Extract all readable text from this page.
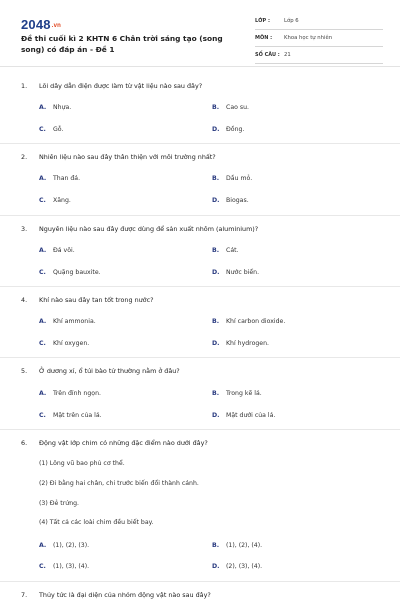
2048.vn
Đề thi cuối kì 2 KHTN 6 Chân trời sáng tạo (song song) có đáp án - Đề 1
LỚP :	Lớp 6
MÔN :	Khoa học tự nhiên
SỐ CÂU : 21
1.	Lõi dây dẫn điện được làm từ vật liệu nào sau đây?
A.	Nhựa.	B.	Cao su.
C.	Gỗ.	D.	Đồng.
2.	Nhiên liệu nào sau đây thân thiện với môi trường nhất?
A.	Than đá.	B.	Dầu mỏ.
C.	Xăng.	D.	Biogas.
3.	Nguyên liệu nào sau đây được dùng để sản xuất nhôm (aluminium)?
A.	Đá vôi.	B.	Cát.
C.	Quặng bauxite.	D.	Nước biển.
4.	Khí nào sau đây tan tốt trong nước?
A.	Khí ammonia.	B.	Khí carbon dioxide.
C.	Khí oxygen.	D.	Khí hydrogen.
5.	Ở dương xỉ, ổ túi bào tử thường nằm ở đâu?
A.	Trên đỉnh ngọn.	B.	Trong kẽ lá.
C.	Mặt trên của lá.	D.	Mặt dưới của lá.
6.	Động vật lớp chim có những đặc điểm nào dưới đây?
(1) Lông vũ bao phủ cơ thể.
(2) Đi bằng hai chân, chi trước biến đổi thành cánh.
(3) Đẻ trứng.
(4) Tất cả các loài chim đều biết bay.
A.	(1), (2), (3).	B.	(1), (2), (4).
C.	(1), (3), (4).	D.	(2), (3), (4).
7.	Thủy tức là đại diện của nhóm động vật nào sau đây?
